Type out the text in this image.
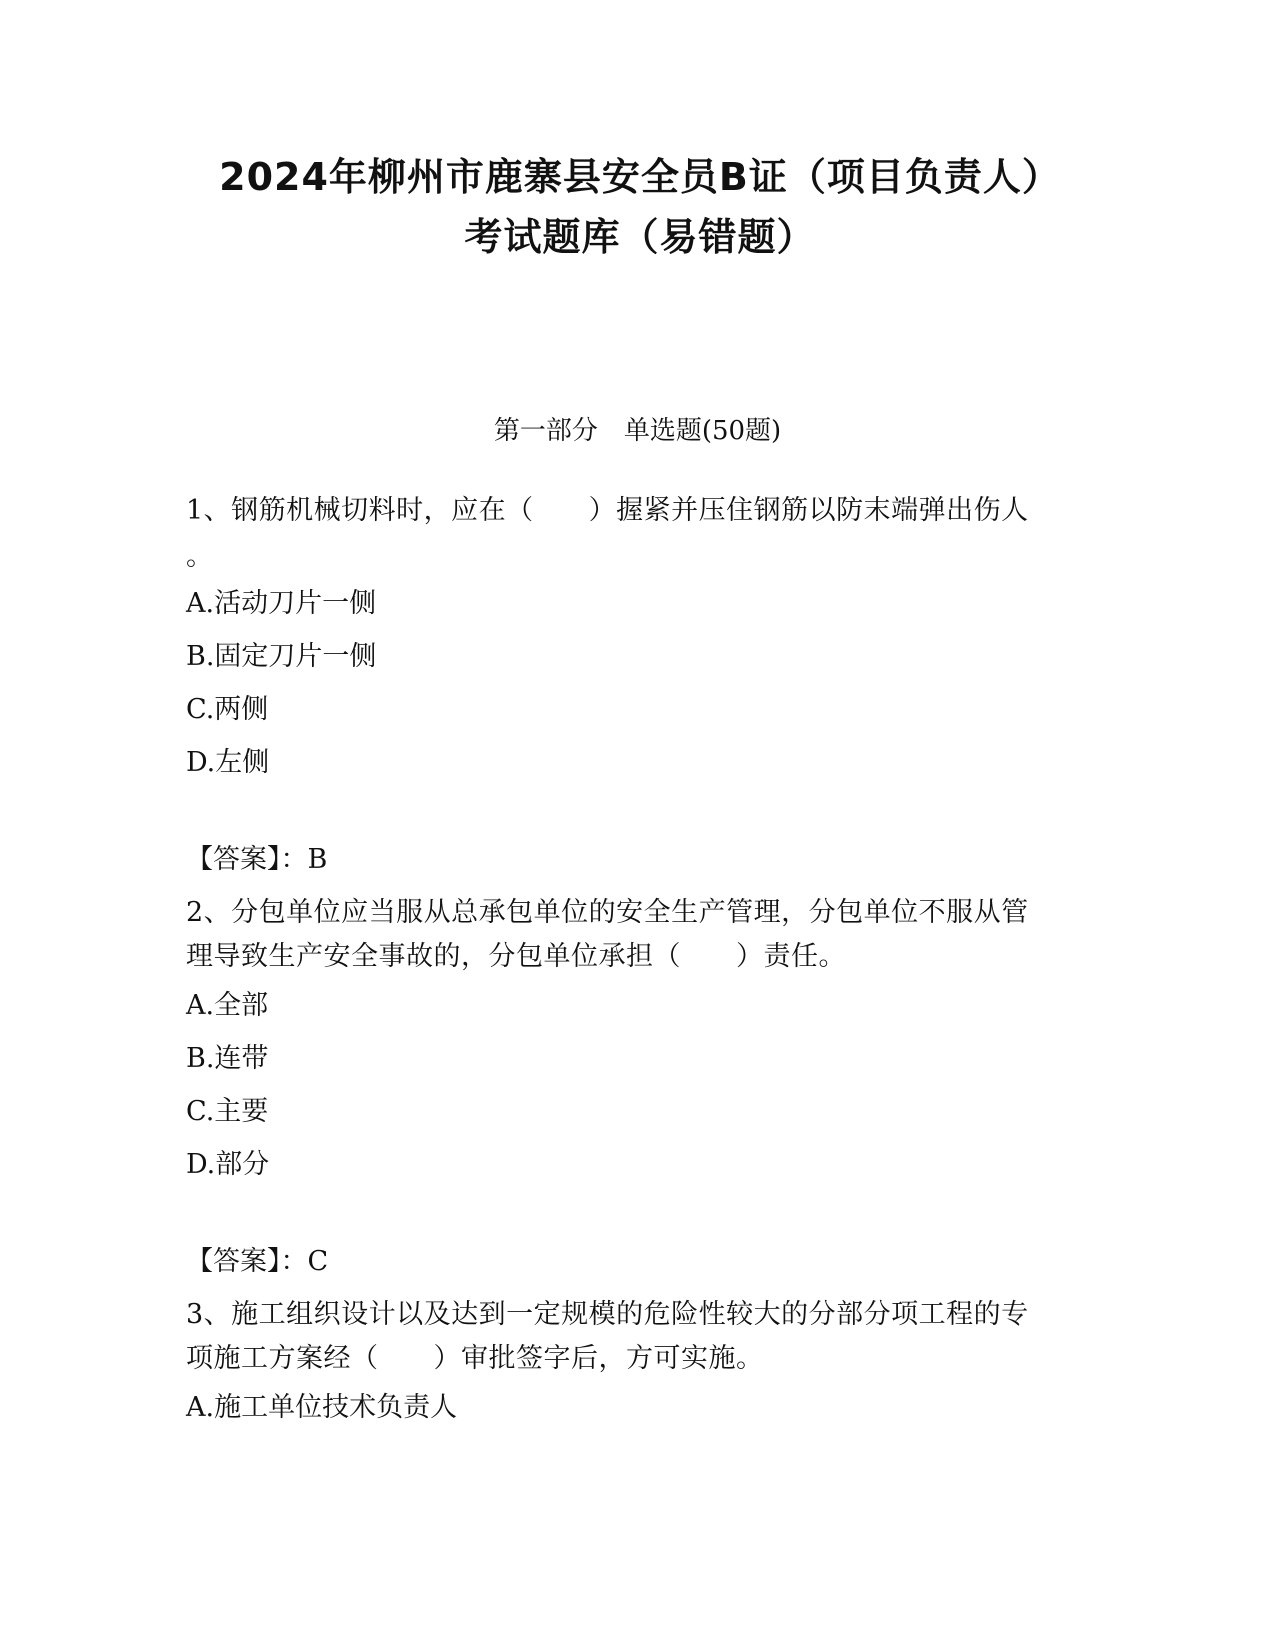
2024年柳州市鹿寨县安全员B证（项目负责人）
考试题库（易错题）
第一部分　单选题(50题)
1、钢筋机械切料时，应在（　　）握紧并压住钢筋以防末端弹出伤人
。
A.活动刀片一侧
B.固定刀片一侧
C.两侧
D.左侧
【答案】：B
2、分包单位应当服从总承包单位的安全生产管理，分包单位不服从管
理导致生产安全事故的，分包单位承担（　　）责任。
A.全部
B.连带
C.主要
D.部分
【答案】：C
3、施工组织设计以及达到一定规模的危险性较大的分部分项工程的专
项施工方案经（　　）审批签字后，方可实施。
A.施工单位技术负责人
